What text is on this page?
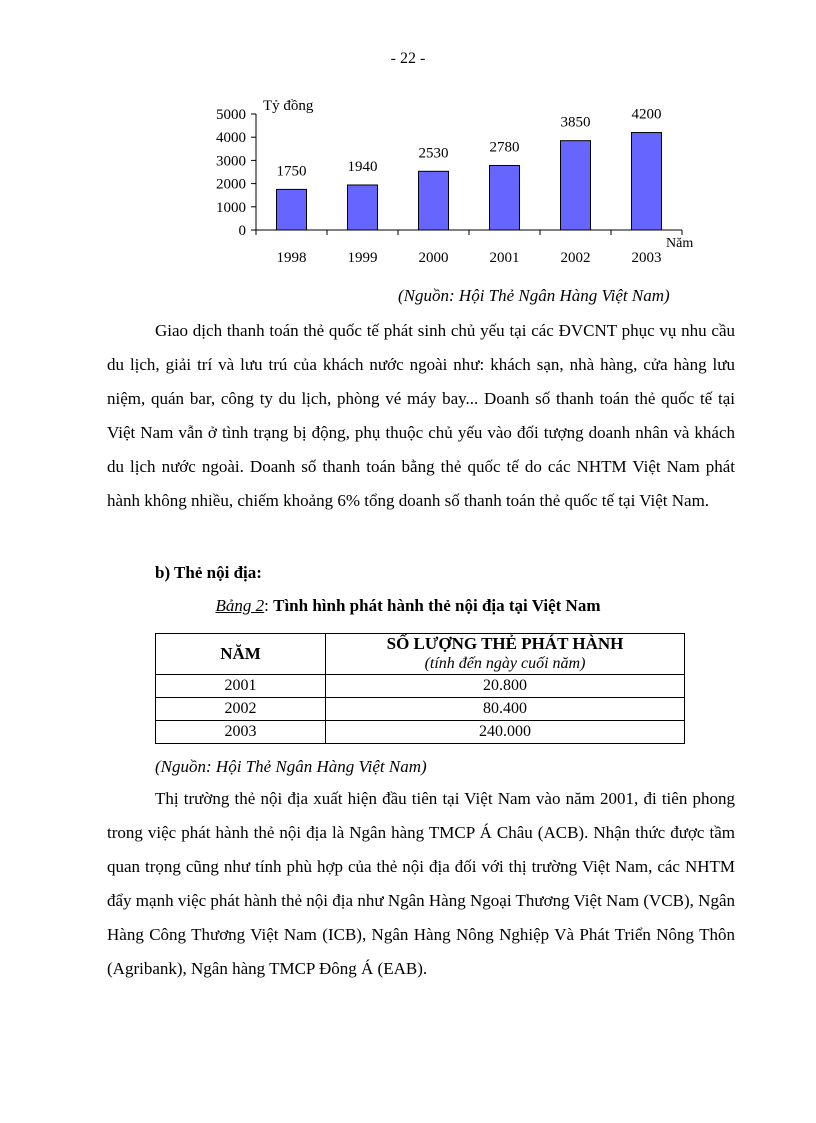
- 22 -
Tỷ đồng
Năm
0
1000
2000
3000
4000
5000
1998	1999	2000	2001	2002	2003
1750	1940
2530	2780
3850
4200
(Nguồn: Hội Thẻ Ngân Hàng Việt Nam)

Giao dịch thanh toán thẻ quốc tế phát sinh chủ yếu tại các ĐVCNT phục vụ nhu cầu du lịch, giải trí và lưu trú của khách nước ngoài như: khách sạn, nhà hàng, cửa hàng lưu niệm, quán bar, công ty du lịch, phòng vé máy bay... Doanh số thanh toán thẻ quốc tế tại Việt Nam vẫn ở tình trạng bị động, phụ thuộc chủ yếu vào đối tượng doanh nhân và khách du lịch nước ngoài. Doanh số thanh toán bằng thẻ quốc tế do các NHTM Việt Nam phát hành không nhiều, chiếm khoảng 6% tổng doanh số thanh toán thẻ quốc tế tại Việt Nam.

b) Thẻ nội địa:
Bảng 2: Tình hình phát hành thẻ nội địa tại Việt Nam
NĂM	SỐ LƯỢNG THẺ PHÁT HÀNH
(tính đến ngày cuối năm)

2001	20.800
2002	80.400
2003	240.000
(Nguồn: Hội Thẻ Ngân Hàng Việt Nam)

Thị trường thẻ nội địa xuất hiện đầu tiên tại Việt Nam vào năm 2001, đi tiên phong trong việc phát hành thẻ nội địa là Ngân hàng TMCP Á Châu (ACB). Nhận thức được tầm quan trọng cũng như tính phù hợp của thẻ nội địa đối với thị trường Việt Nam, các NHTM đẩy mạnh việc phát hành thẻ nội địa như Ngân Hàng Ngoại Thương Việt Nam (VCB), Ngân Hàng Công Thương Việt Nam (ICB), Ngân Hàng Nông Nghiệp Và Phát Triển Nông Thôn (Agribank), Ngân hàng TMCP Đông Á (EAB).
